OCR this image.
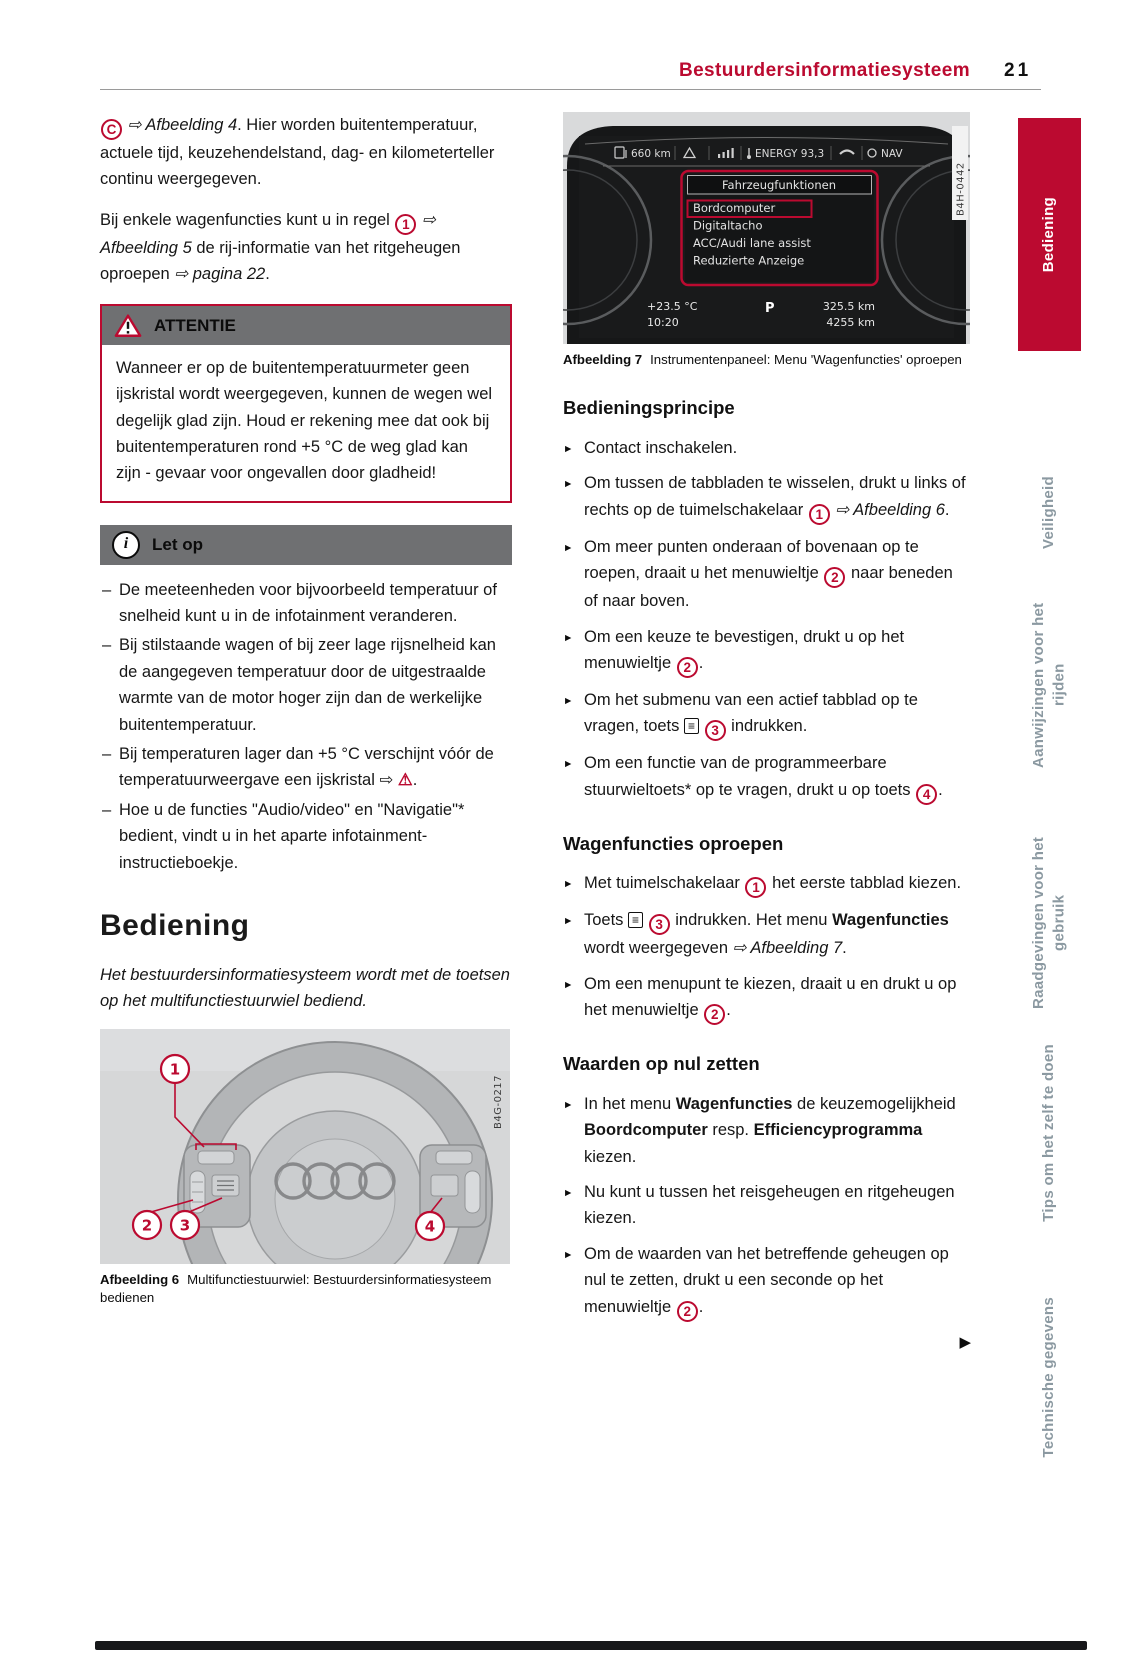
Bestuurdersinformatiesysteem 21

C ⇨ Afbeelding 4. Hier worden buitentemperatuur, actuele tijd, keuzehendelstand, dag- en kilometerteller continu weergegeven.

Bij enkele wagenfuncties kunt u in regel 1 ⇨ Afbeelding 5 de rij-informatie van het ritgeheugen oproepen ⇨ pagina 22.

ATTENTIE
Wanneer er op de buitentemperatuurmeter geen ijskristal wordt weergegeven, kunnen de wegen wel degelijk glad zijn. Houd er rekening mee dat ook bij buitentemperaturen rond +5 °C de weg glad kan zijn - gevaar voor ongevallen door gladheid!
i	Let op
– De meeteenheden voor bijvoorbeeld temperatuur of snelheid kunt u in de infotainment veranderen.
– Bij stilstaande wagen of bij zeer lage rijsnelheid kan de aangegeven temperatuur door de uitgestraalde warmte van de motor hoger zijn dan de werkelijke buitentemperatuur.
– Bij temperaturen lager dan +5 °C verschijnt vóór de temperatuurweergave een ijskristal ⇨ ⚠.
– Hoe u de functies "Audio/video" en "Navigatie"* bedient, vindt u in het aparte infotainment-instructieboekje.
Bediening

Het bestuurdersinformatiesysteem wordt met de toetsen op het multifunctiestuurwiel bediend.

1
2 3	4
B4G-0217
Afbeelding 6 Multifunctiestuurwiel: Bestuurdersinformatiesysteem bedienen
660 km	ENERGY 93,3	NAV
Fahrzeugfunktionen
Bordcomputer
Digitaltacho
ACC/Audi lane assist
Reduzierte Anzeige
+23.5 °C
10:20
P	325.5 km
4255 km
B4H-0442
Afbeelding 7 Instrumentenpaneel: Menu 'Wagenfuncties' oproepen
Bedieningsprincipe
► Contact inschakelen.
► Om tussen de tabbladen te wisselen, drukt u links of rechts op de tuimelschakelaar 1 ⇨ Afbeelding 6.
► Om meer punten onderaan of bovenaan op te roepen, draait u het menuwieltje 2 naar beneden of naar boven.
► Om een keuze te bevestigen, drukt u op het menuwieltje 2 .
► Om het submenu van een actief tabblad op te vragen, toets ≡ 3 indrukken.
► Om een functie van de programmeerbare stuurwieltoets* op te vragen, drukt u op toets 4 .
Wagenfuncties oproepen
► Met tuimelschakelaar 1 het eerste tabblad kiezen.
► Toets ≡ 3 indrukken. Het menu Wagenfuncties wordt weergegeven ⇨ Afbeelding 7.
► Om een menupunt te kiezen, draait u en drukt u op het menuwieltje 2 .
Waarden op nul zetten
► In het menu Wagenfuncties de keuzemogelijkheid Boordcomputer resp. Efficiencyprogramma kiezen.
► Nu kunt u tussen het reisgeheugen en ritgeheugen kiezen.
► Om de waarden van het betreffende geheugen op nul te zetten, drukt u een seconde op het menuwieltje 2 .
▶
Bediening
Veiligheid
Aanwijzingen voor het rijden
Raadgevingen voor het gebruik
Tips om het zelf te doen
Technische gegevens
